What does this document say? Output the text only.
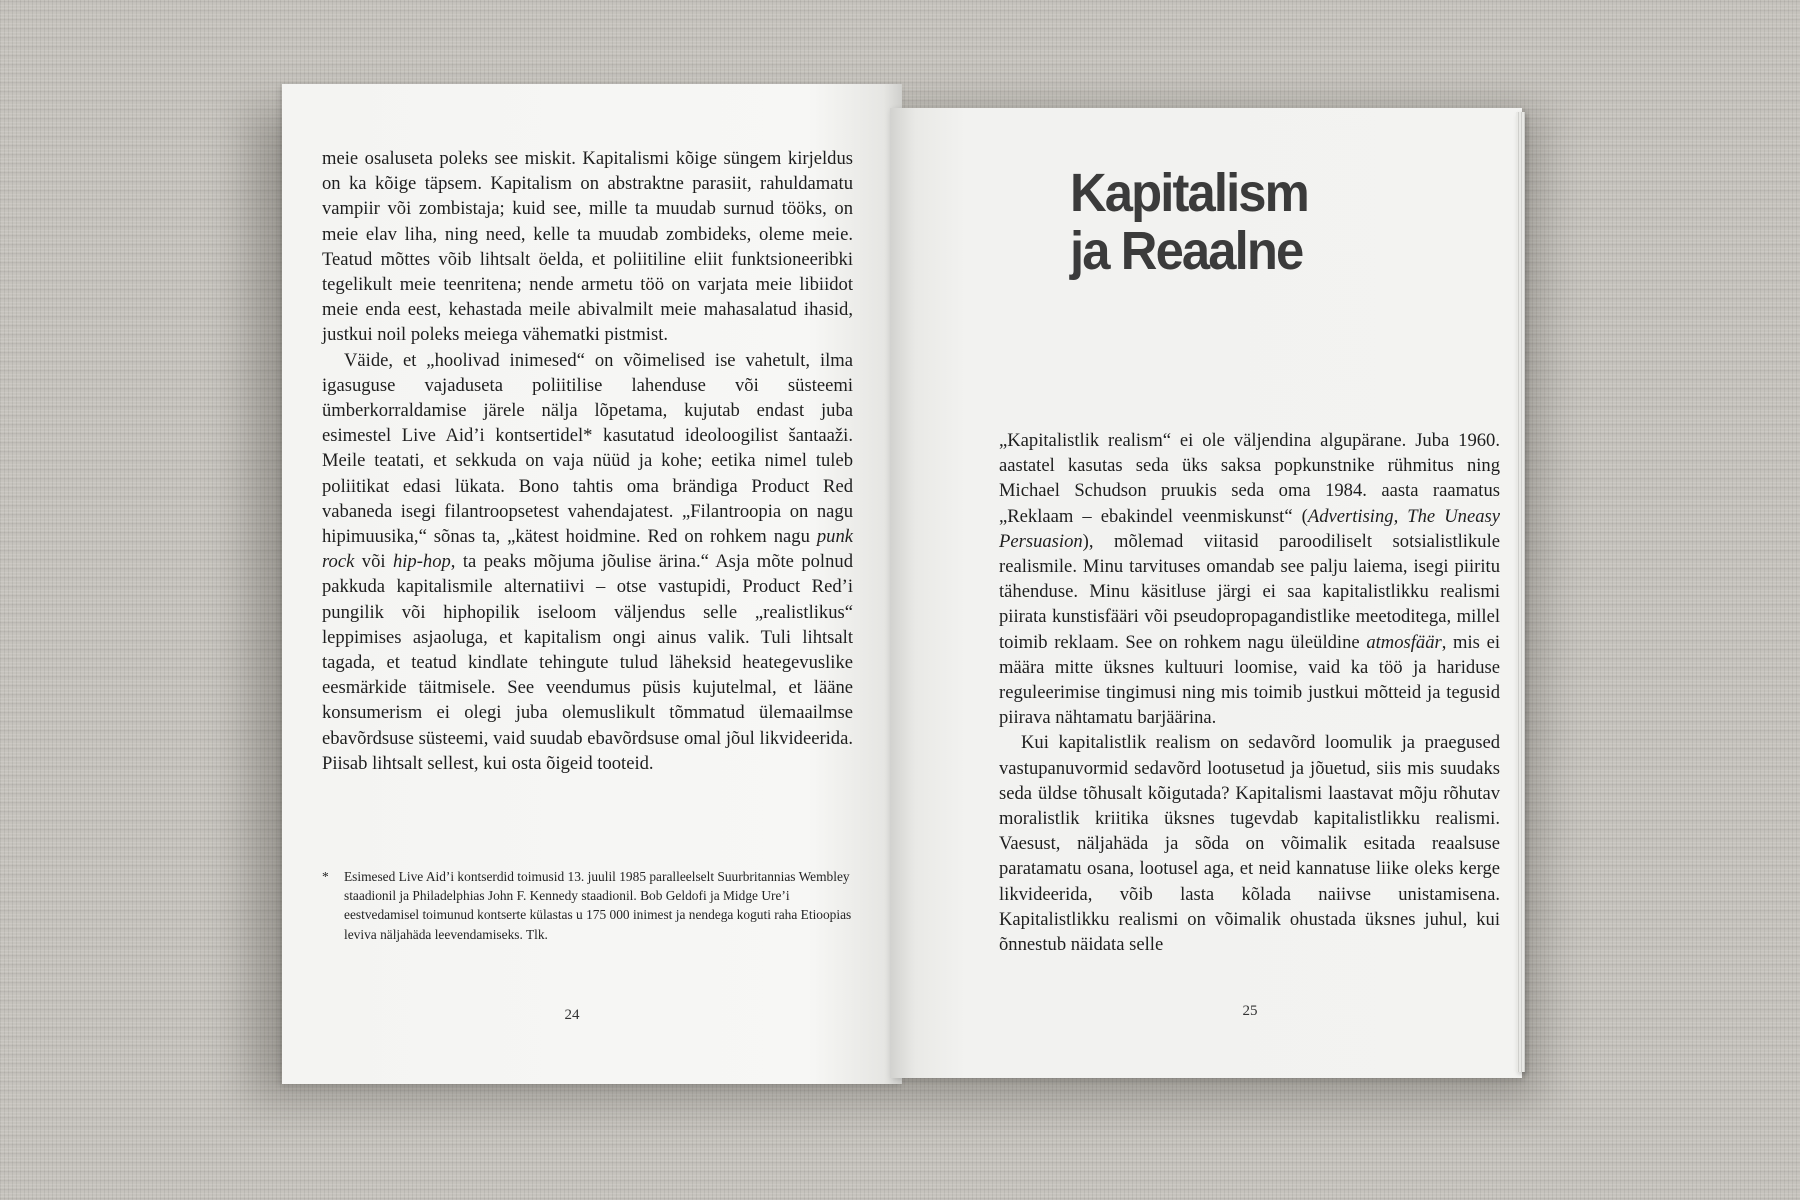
meie osaluseta poleks see miskit. Kapitalismi kõige süngem kirjeldus on ka kõige täpsem. Kapitalism on abstraktne parasiit, rahuldamatu vampiir või zombistaja; kuid see, mille ta muudab surnud tööks, on meie elav liha, ning need, kelle ta muudab zombideks, oleme meie. Teatud mõttes võib lihtsalt öelda, et poliitiline eliit funktsioneeribki tegelikult meie teenritena; nende armetu töö on varjata meie libiidot meie enda eest, kehastada meile abivalmilt meie mahasalatud ihasid, justkui noil poleks meiega vähematki pistmist.

Väide, et „hoolivad inimesed“ on võimelised ise vahetult, ilma igasuguse vajaduseta poliitilise lahenduse või süsteemi ümberkorraldamise järele nälja lõpetama, kujutab endast juba esimestel Live Aid’i kontsertidel* kasutatud ideoloogilist šantaaži. Meile teatati, et sekkuda on vaja nüüd ja kohe; eetika nimel tuleb poliitikat edasi lükata. Bono tahtis oma brändiga Product Red vabaneda isegi filantroopsetest vahendajatest. „Filantroopia on nagu hipimuusika,“ sõnas ta, „kätest hoidmine. Red on rohkem nagu punk rock või hip-hop, ta peaks mõjuma jõulise ärina.“ Asja mõte polnud pakkuda kapitalismile alternatiivi – otse vastupidi, Product Red’i pungilik või hiphopilik iseloom väljendus selle „realistlikus“ leppimises asjaoluga, et kapitalism ongi ainus valik. Tuli lihtsalt tagada, et teatud kindlate tehingute tulud läheksid heategevuslike eesmärkide täitmisele. See veendumus püsis kujutelmal, et lääne konsumerism ei olegi juba olemuslikult tõmmatud ülemaailmse ebavõrdsuse süsteemi, vaid suudab ebavõrdsuse omal jõul likvideerida. Piisab lihtsalt sellest, kui osta õigeid tooteid.

*	Esimesed Live Aid’i kontserdid toimusid 13. juulil 1985 paralleelselt Suurbritannias Wembley staadionil ja Philadelphias John F. Kennedy staadionil. Bob Geldofi ja Midge Ure’i eestvedamisel toimunud kontserte külastas u 175 000 inimest ja nendega koguti raha Etioopias leviva näljahäda leevendamiseks. Tlk.
24
Kapitalism
ja Reaalne

„Kapitalistlik realism“ ei ole väljendina algupärane. Juba 1960. aastatel kasutas seda üks saksa popkunstnike rühmitus ning Michael Schudson pruukis seda oma 1984. aasta raamatus „Reklaam – ebakindel veenmiskunst“ (Advertising, The Uneasy Persuasion), mõlemad viitasid paroodiliselt sotsialistlikule realismile. Minu tarvituses omandab see palju laiema, isegi piiritu tähenduse. Minu käsitluse järgi ei saa kapitalistlikku realismi piirata kunstisfääri või pseudopropagandistlike meetoditega, millel toimib reklaam. See on rohkem nagu üleüldine atmosfäär, mis ei määra mitte üksnes kultuuri loomise, vaid ka töö ja hariduse reguleerimise tingimusi ning mis toimib justkui mõtteid ja tegusid piirava nähtamatu barjäärina.

Kui kapitalistlik realism on sedavõrd loomulik ja praegused vastupanuvormid sedavõrd lootusetud ja jõuetud, siis mis suudaks seda üldse tõhusalt kõigutada? Kapitalismi laastavat mõju rõhutav moralistlik kriitika üksnes tugevdab kapitalistlikku realismi. Vaesust, näljahäda ja sõda on võimalik esitada reaalsuse paratamatu osana, lootusel aga, et neid kannatuse liike oleks kerge likvideerida, võib lasta kõlada naiivse unistamisena. Kapitalistlikku realismi on võimalik ohustada üksnes juhul, kui õnnestub näidata selle

25
